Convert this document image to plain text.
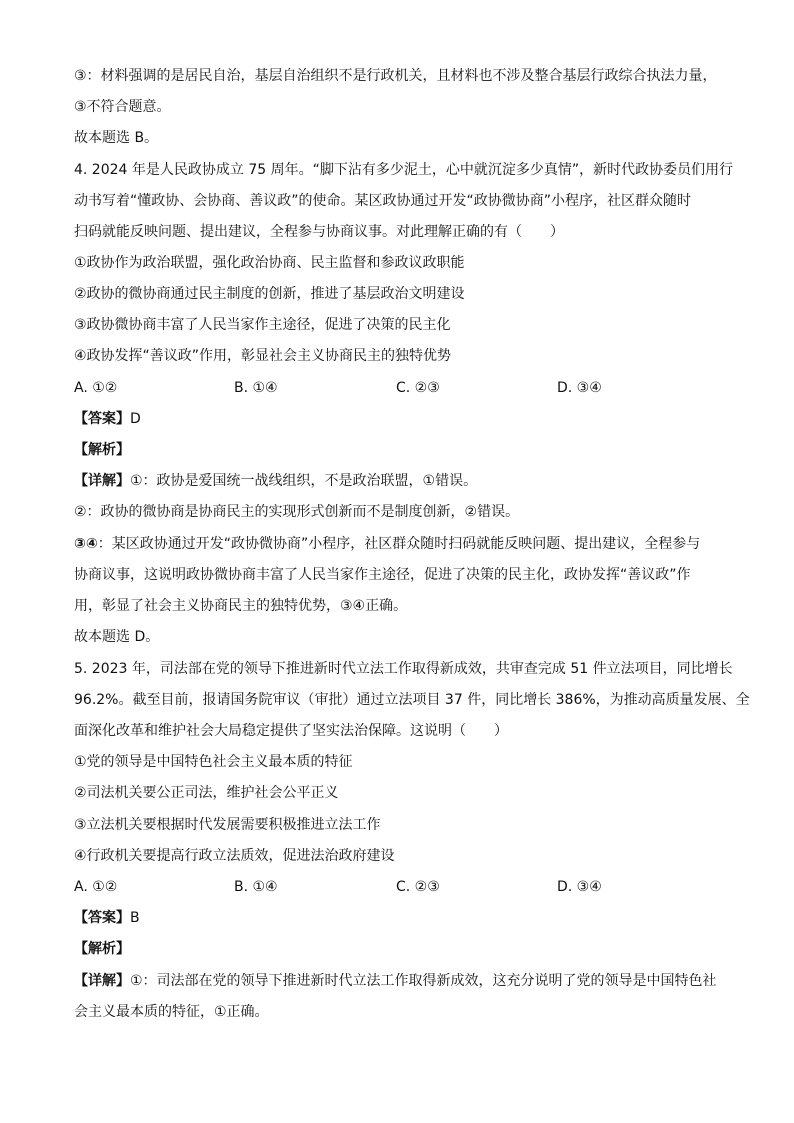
③：材料强调的是居民自治，基层自治组织不是行政机关，且材料也不涉及整合基层行政综合执法力量，
③不符合题意。
故本题选 B。
4. 2024 年是人民政协成立 75 周年。“脚下沾有多少泥土，心中就沉淀多少真情”，新时代政协委员们用行
动书写着“懂政协、会协商、善议政”的使命。某区政协通过开发“政协微协商”小程序，社区群众随时
扫码就能反映问题、提出建议，全程参与协商议事。对此理解正确的有（　　）
①政协作为政治联盟，强化政治协商、民主监督和参政议政职能
②政协的微协商通过民主制度的创新，推进了基层政治文明建设
③政协微协商丰富了人民当家作主途径，促进了决策的民主化
④政协发挥“善议政”作用，彰显社会主义协商民主的独特优势
A. ①②	B. ①④	C. ②③	D. ③④
【答案】D
【解析】
【详解】①：政协是爱国统一战线组织，不是政治联盟，①错误。
②：政协的微协商是协商民主的实现形式创新而不是制度创新，②错误。
③④：某区政协通过开发“政协微协商”小程序，社区群众随时扫码就能反映问题、提出建议，全程参与
协商议事，这说明政协微协商丰富了人民当家作主途径，促进了决策的民主化，政协发挥“善议政”作
用，彰显了社会主义协商民主的独特优势，③④正确。
故本题选 D。
5. 2023 年，司法部在党的领导下推进新时代立法工作取得新成效，共审查完成 51 件立法项目，同比增长
96.2%。截至目前，报请国务院审议（审批）通过立法项目 37 件，同比增长 386%，为推动高质量发展、全
面深化改革和维护社会大局稳定提供了坚实法治保障。这说明（　　）
①党的领导是中国特色社会主义最本质的特征
②司法机关要公正司法，维护社会公平正义
③立法机关要根据时代发展需要积极推进立法工作
④行政机关要提高行政立法质效，促进法治政府建设
A. ①②	B. ①④	C. ②③	D. ③④
【答案】B
【解析】
【详解】①：司法部在党的领导下推进新时代立法工作取得新成效，这充分说明了党的领导是中国特色社
会主义最本质的特征，①正确。
